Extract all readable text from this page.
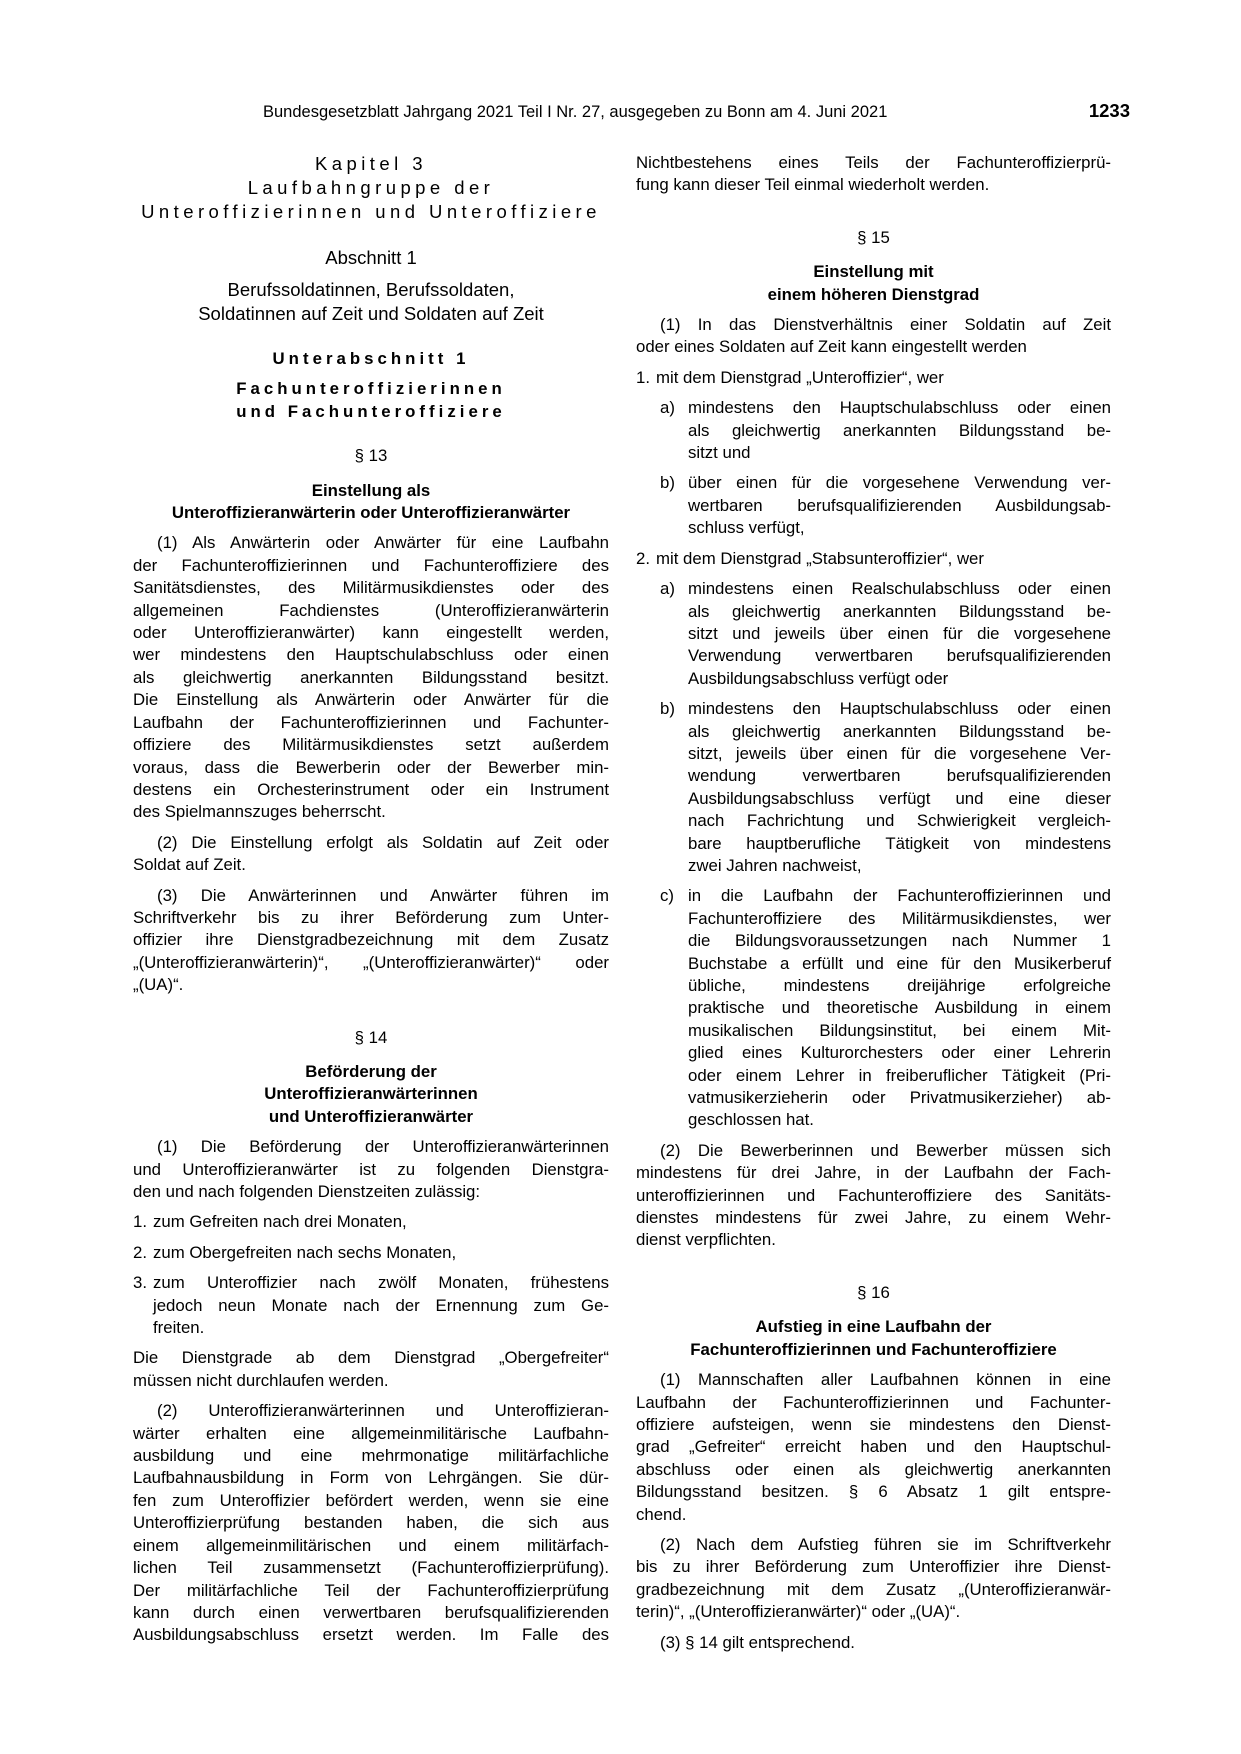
Bundesgesetzblatt Jahrgang 2021 Teil I Nr. 27, ausgegeben zu Bonn am 4. Juni 2021	1233
Kapitel 3
Laufbahngruppe der
Unteroffizierinnen und Unteroffiziere
Abschnitt 1
Berufssoldatinnen, Berufssoldaten,
Soldatinnen auf Zeit und Soldaten auf Zeit
Unterabschnitt 1
Fachunteroffizierinnen
und Fachunteroffiziere
§ 13
Einstellung als
Unteroffizieranwärterin oder Unteroffizieranwärter
(1) Als Anwärterin oder Anwärter für eine Laufbahn
der Fachunteroffizierinnen und Fachunteroffiziere des
Sanitätsdienstes, des Militärmusikdienstes oder des
allgemeinen Fachdienstes (Unteroffizieranwärterin
oder Unteroffizieranwärter) kann eingestellt werden,
wer mindestens den Hauptschulabschluss oder einen
als gleichwertig anerkannten Bildungsstand besitzt.
Die Einstellung als Anwärterin oder Anwärter für die
Laufbahn der Fachunteroffizierinnen und Fachunter-
offiziere des Militärmusikdienstes setzt außerdem
voraus, dass die Bewerberin oder der Bewerber min-
destens ein Orchesterinstrument oder ein Instrument
des Spielmannszuges beherrscht.
(2) Die Einstellung erfolgt als Soldatin auf Zeit oder
Soldat auf Zeit.
(3) Die Anwärterinnen und Anwärter führen im
Schriftverkehr bis zu ihrer Beförderung zum Unter-
offizier ihre Dienstgradbezeichnung mit dem Zusatz
„(Unteroffizieranwärterin)“, „(Unteroffizieranwärter)“ oder
„(UA)“.
§ 14
Beförderung der
Unteroffizieranwärterinnen
und Unteroffizieranwärter
(1) Die Beförderung der Unteroffizieranwärterinnen
und Unteroffizieranwärter ist zu folgenden Dienstgra-
den und nach folgenden Dienstzeiten zulässig:
1. zum Gefreiten nach drei Monaten,
2. zum Obergefreiten nach sechs Monaten,
3. zum Unteroffizier nach zwölf Monaten, frühestens
jedoch neun Monate nach der Ernennung zum Ge-
freiten.
Die Dienstgrade ab dem Dienstgrad „Obergefreiter“
müssen nicht durchlaufen werden.
(2) Unteroffizieranwärterinnen und Unteroffizieran-
wärter erhalten eine allgemeinmilitärische Laufbahn-
ausbildung und eine mehrmonatige militärfachliche
Laufbahnausbildung in Form von Lehrgängen. Sie dür-
fen zum Unteroffizier befördert werden, wenn sie eine
Unteroffizierprüfung bestanden haben, die sich aus
einem allgemeinmilitärischen und einem militärfach-
lichen Teil zusammensetzt (Fachunteroffizierprüfung).
Der militärfachliche Teil der Fachunteroffizierprüfung
kann durch einen verwertbaren berufsqualifizierenden
Ausbildungsabschluss ersetzt werden. Im Falle des
Nichtbestehens eines Teils der Fachunteroffizierprü-
fung kann dieser Teil einmal wiederholt werden.
§ 15
Einstellung mit
einem höheren Dienstgrad
(1) In das Dienstverhältnis einer Soldatin auf Zeit
oder eines Soldaten auf Zeit kann eingestellt werden
1. mit dem Dienstgrad „Unteroffizier“, wer
a) mindestens den Hauptschulabschluss oder einen
als gleichwertig anerkannten Bildungsstand be-
sitzt und
b) über einen für die vorgesehene Verwendung ver-
wertbaren berufsqualifizierenden Ausbildungsab-
schluss verfügt,
2. mit dem Dienstgrad „Stabsunteroffizier“, wer
a) mindestens einen Realschulabschluss oder einen
als gleichwertig anerkannten Bildungsstand be-
sitzt und jeweils über einen für die vorgesehene
Verwendung verwertbaren berufsqualifizierenden
Ausbildungsabschluss verfügt oder
b) mindestens den Hauptschulabschluss oder einen
als gleichwertig anerkannten Bildungsstand be-
sitzt, jeweils über einen für die vorgesehene Ver-
wendung verwertbaren berufsqualifizierenden
Ausbildungsabschluss verfügt und eine dieser
nach Fachrichtung und Schwierigkeit vergleich-
bare hauptberufliche Tätigkeit von mindestens
zwei Jahren nachweist,
c) in die Laufbahn der Fachunteroffizierinnen und
Fachunteroffiziere des Militärmusikdienstes, wer
die Bildungsvoraussetzungen nach Nummer 1
Buchstabe a erfüllt und eine für den Musikerberuf
übliche, mindestens dreijährige erfolgreiche
praktische und theoretische Ausbildung in einem
musikalischen Bildungsinstitut, bei einem Mit-
glied eines Kulturorchesters oder einer Lehrerin
oder einem Lehrer in freiberuflicher Tätigkeit (Pri-
vatmusikerzieherin oder Privatmusikerzieher) ab-
geschlossen hat.
(2) Die Bewerberinnen und Bewerber müssen sich
mindestens für drei Jahre, in der Laufbahn der Fach-
unteroffizierinnen und Fachunteroffiziere des Sanitäts-
dienstes mindestens für zwei Jahre, zu einem Wehr-
dienst verpflichten.
§ 16
Aufstieg in eine Laufbahn der
Fachunteroffizierinnen und Fachunteroffiziere
(1) Mannschaften aller Laufbahnen können in eine
Laufbahn der Fachunteroffizierinnen und Fachunter-
offiziere aufsteigen, wenn sie mindestens den Dienst-
grad „Gefreiter“ erreicht haben und den Hauptschul-
abschluss oder einen als gleichwertig anerkannten
Bildungsstand besitzen. § 6 Absatz 1 gilt entspre-
chend.
(2) Nach dem Aufstieg führen sie im Schriftverkehr
bis zu ihrer Beförderung zum Unteroffizier ihre Dienst-
gradbezeichnung mit dem Zusatz „(Unteroffizieranwär-
terin)“, „(Unteroffizieranwärter)“ oder „(UA)“.
(3) § 14 gilt entsprechend.
